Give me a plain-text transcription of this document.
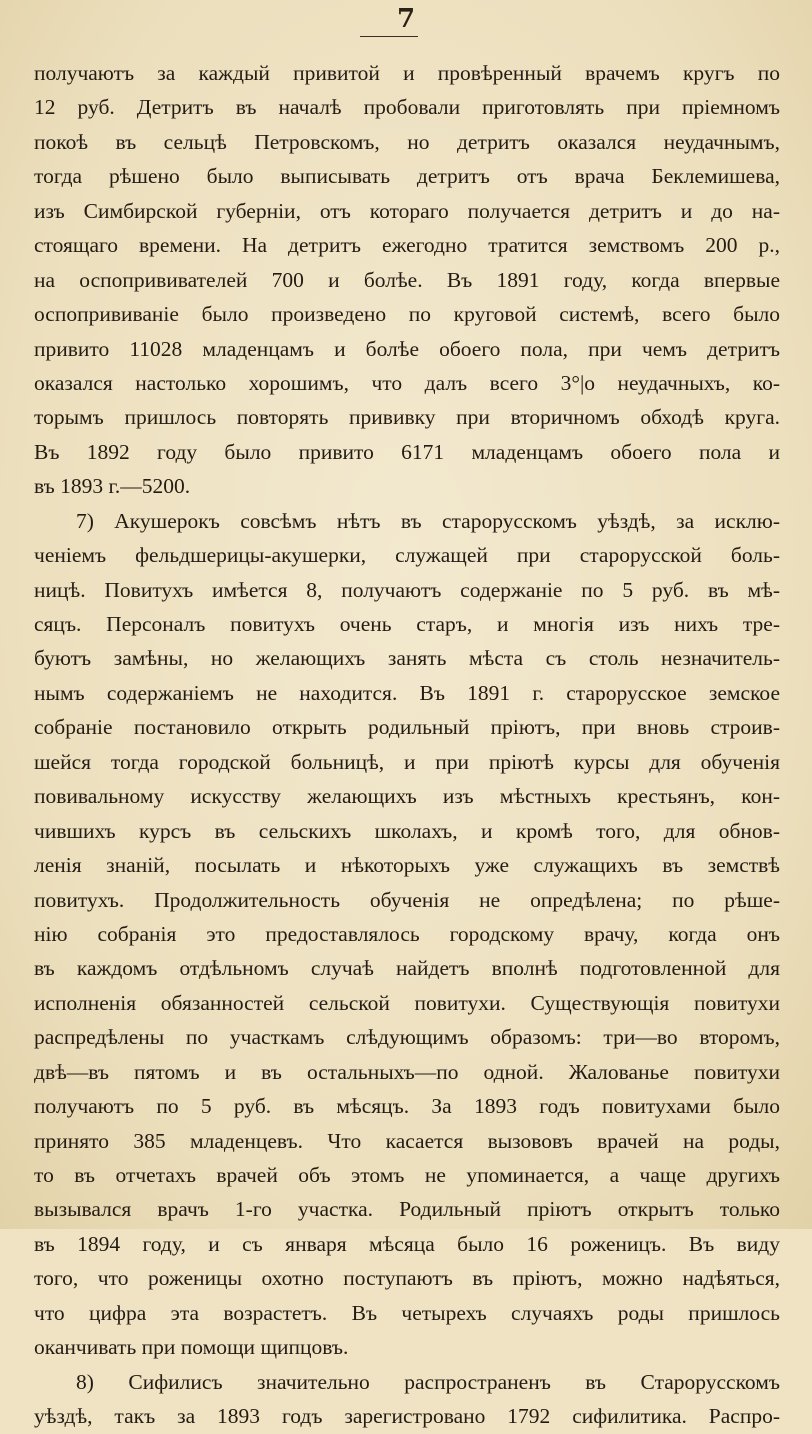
7
получаютъ за каждый привитой и провѣренный врачемъ кругъ по
12 руб. Детритъ въ началѣ пробовали приготовлять при пріемномъ
покоѣ въ сельцѣ Петровскомъ, но детритъ оказался неудачнымъ,
тогда рѣшено было выписывать детритъ отъ врача Беклемишева,
изъ Симбирской губерніи, отъ котораго получается детритъ и до на-
стоящаго времени. На детритъ ежегодно тратится земствомъ 200 р.,
на оспопрививателей 700 и болѣе. Въ 1891 году, когда впервые
оспопрививаніе было произведено по круговой системѣ, всего было
привито 11028 младенцамъ и болѣе обоего пола, при чемъ детритъ
оказался настолько хорошимъ, что далъ всего 3°|о неудачныхъ, ко-
торымъ пришлось повторять прививку при вторичномъ обходѣ круга.
Въ 1892 году было привито 6171 младенцамъ обоего пола и
въ 1893 г.—5200.
7) Акушерокъ совсѣмъ нѣтъ въ старорусскомъ уѣздѣ, за исклю-
ченіемъ фельдшерицы-акушерки, служащей при старорусской боль-
ницѣ. Повитухъ имѣется 8, получаютъ содержаніе по 5 руб. въ мѣ-
сяцъ. Персоналъ повитухъ очень старъ, и многія изъ нихъ тре-
буютъ замѣны, но желающихъ занять мѣста съ столь незначитель-
нымъ содержаніемъ не находится. Въ 1891 г. старорусское земское
собраніе постановило открыть родильный пріютъ, при вновь строив-
шейся тогда городской больницѣ, и при пріютѣ курсы для обученія
повивальному искусству желающихъ изъ мѣстныхъ крестьянъ, кон-
чившихъ курсъ въ сельскихъ школахъ, и кромѣ того, для обнов-
ленія знаній, посылать и нѣкоторыхъ уже служащихъ въ земствѣ
повитухъ. Продолжительность обученія не опредѣлена; по рѣше-
нію собранія это предоставлялось городскому врачу, когда онъ
въ каждомъ отдѣльномъ случаѣ найдетъ вполнѣ подготовленной для
исполненія обязанностей сельской повитухи. Существующія повитухи
распредѣлены по участкамъ слѣдующимъ образомъ: три—во второмъ,
двѣ—въ пятомъ и въ остальныхъ—по одной. Жалованье повитухи
получаютъ по 5 руб. въ мѣсяцъ. За 1893 годъ повитухами было
принято 385 младенцевъ. Что касается вызововъ врачей на роды,
то въ отчетахъ врачей объ этомъ не упоминается, а чаще другихъ
вызывался врачъ 1-го участка. Родильный пріютъ открытъ только
въ 1894 году, и съ января мѣсяца было 16 роженицъ. Въ виду
того, что роженицы охотно поступаютъ въ пріютъ, можно надѣяться,
что цифра эта возрастетъ. Въ четырехъ случаяхъ роды пришлось
оканчивать при помощи щипцовъ.
8) Сифилисъ значительно распространенъ въ Старорусскомъ
уѣздѣ, такъ за 1893 годъ зарегистровано 1792 сифилитика. Распро-
